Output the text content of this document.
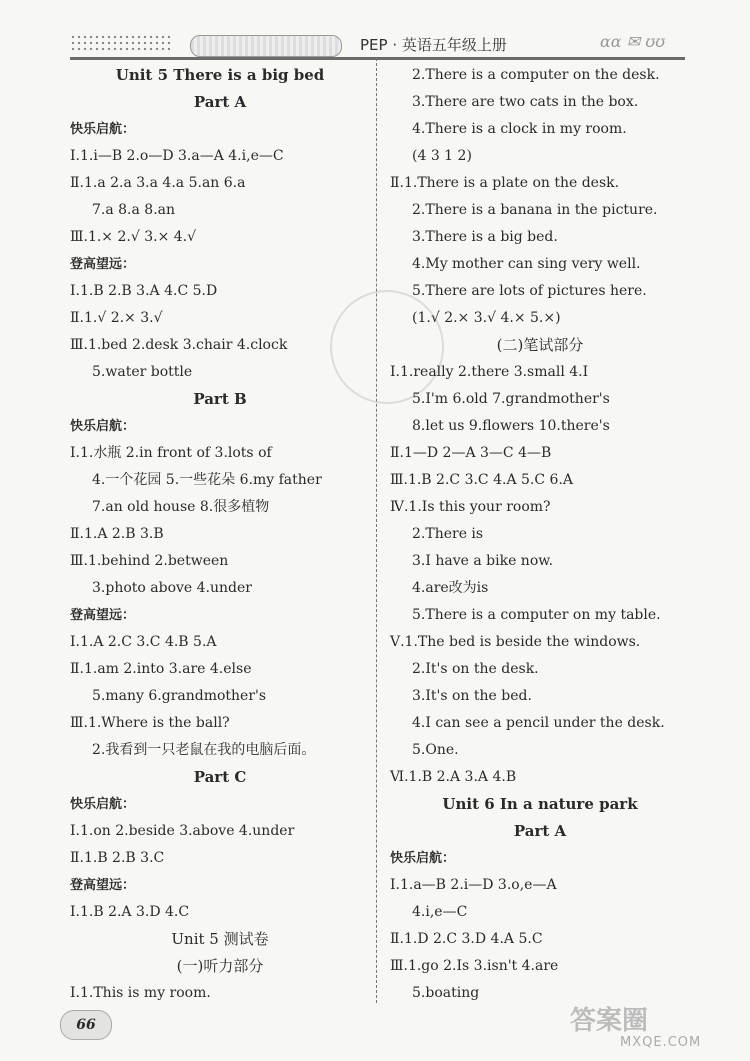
PEP · 英语五年级上册	ɑɑ ✉ ʊʊ
Unit 5 There is a big bed
Part A
快乐启航：
Ⅰ.1.i—B 2.o—D 3.a—A 4.i,e—C
Ⅱ.1.a 2.a 3.a 4.a 5.an 6.a
7.a 8.a 8.an
Ⅲ.1.× 2.√ 3.× 4.√
登高望远：
Ⅰ.1.B 2.B 3.A 4.C 5.D
Ⅱ.1.√ 2.× 3.√
Ⅲ.1.bed 2.desk 3.chair 4.clock
5.water bottle
Part B
快乐启航：
Ⅰ.1.水瓶 2.in front of 3.lots of
4.一个花园 5.一些花朵 6.my father
7.an old house 8.很多植物
Ⅱ.1.A 2.B 3.B
Ⅲ.1.behind 2.between
3.photo above 4.under
登高望远：
Ⅰ.1.A 2.C 3.C 4.B 5.A
Ⅱ.1.am 2.into 3.are 4.else
5.many 6.grandmother's
Ⅲ.1.Where is the ball?
2.我看到一只老鼠在我的电脑后面。
Part C
快乐启航：
Ⅰ.1.on 2.beside 3.above 4.under
Ⅱ.1.B 2.B 3.C
登高望远：
Ⅰ.1.B 2.A 3.D 4.C
Unit 5 测试卷
(一)听力部分
Ⅰ.1.This is my room.
2.There is a computer on the desk.
3.There are two cats in the box.
4.There is a clock in my room.
(4 3 1 2)
Ⅱ.1.There is a plate on the desk.
2.There is a banana in the picture.
3.There is a big bed.
4.My mother can sing very well.
5.There are lots of pictures here.
(1.√ 2.× 3.√ 4.× 5.×)
(二)笔试部分
Ⅰ.1.really 2.there 3.small 4.I
5.I'm 6.old 7.grandmother's
8.let us 9.flowers 10.there's
Ⅱ.1—D 2—A 3—C 4—B
Ⅲ.1.B 2.C 3.C 4.A 5.C 6.A
Ⅳ.1.Is this your room?
2.There is
3.I have a bike now.
4.are改为is
5.There is a computer on my table.
Ⅴ.1.The bed is beside the windows.
2.It's on the desk.
3.It's on the bed.
4.I can see a pencil under the desk.
5.One.
Ⅵ.1.B 2.A 3.A 4.B
Unit 6 In a nature park
Part A
快乐启航：
Ⅰ.1.a—B 2.i—D 3.o,e—A
4.i,e—C
Ⅱ.1.D 2.C 3.D 4.A 5.C
Ⅲ.1.go 2.Is 3.isn't 4.are
5.boating
66	答案圈
MXQE.COM
